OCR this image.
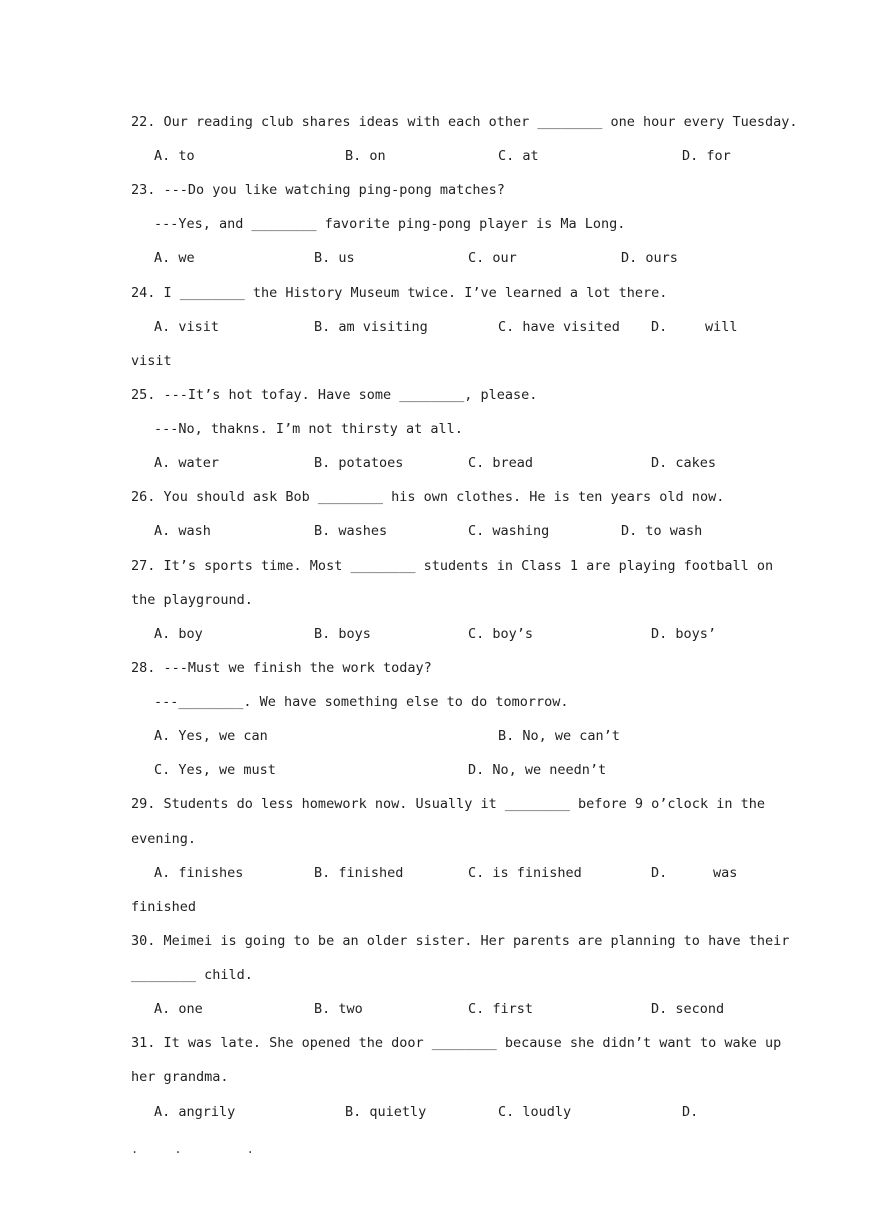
22. Our reading club shares ideas with each other ________ one hour every Tuesday.
A. to	B. on	C. at	D. for
23. ---Do you like watching ping-pong matches?
---Yes, and ________ favorite ping-pong player is Ma Long.
A. we	B. us	C. our	D. ours
24. I ________ the History Museum twice. I’ve learned a lot there.
A. visit	B. am visiting	C. have visited D.	will
visit
25. ---It’s hot tofay. Have some ________, please.
---No, thakns. I’m not thirsty at all.
A. water	B. potatoes	C. bread	D. cakes
26. You should ask Bob ________ his own clothes. He is ten years old now.
A. wash	B. washes	C. washing	D. to wash
27. It’s sports time. Most ________ students in Class 1 are playing football on
the playground.
A. boy	B. boys	C. boy’s	D. boys’
28. ---Must we finish the work today?
---________. We have something else to do tomorrow.
A. Yes, we can	B. No, we can’t
C. Yes, we must	D. No, we needn’t
29. Students do less homework now. Usually it ________ before 9 o’clock in the
evening.
A. finishes	B. finished	C. is finished	D.	was
finished
30. Meimei is going to be an older sister. Her parents are planning to have their
________ child.
A. one	B. two	C. first	D. second
31. It was late. She opened the door ________ because she didn’t want to wake up
her grandma.
A. angrily	B. quietly	C. loudly	D.
.     .         .
